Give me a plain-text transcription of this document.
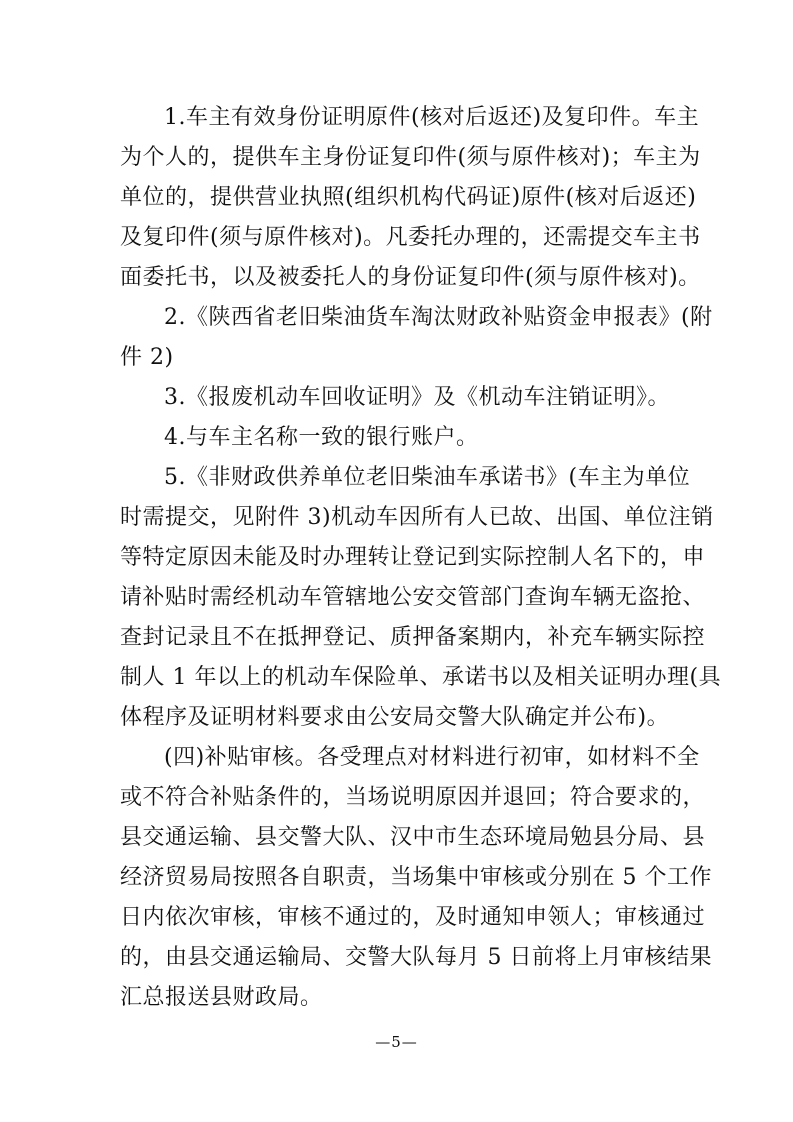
1.车主有效身份证明原件(核对后返还)及复印件。车主
为个人的，提供车主身份证复印件(须与原件核对)；车主为
单位的，提供营业执照(组织机构代码证)原件(核对后返还)
及复印件(须与原件核对)。凡委托办理的，还需提交车主书
面委托书，以及被委托人的身份证复印件(须与原件核对)。
2.《陕西省老旧柴油货车淘汰财政补贴资金申报表》(附
件 2)
3.《报废机动车回收证明》及《机动车注销证明》。
4.与车主名称一致的银行账户。
5.《非财政供养单位老旧柴油车承诺书》(车主为单位
时需提交，见附件 3)机动车因所有人已故、出国、单位注销
等特定原因未能及时办理转让登记到实际控制人名下的，申
请补贴时需经机动车管辖地公安交管部门查询车辆无盗抢、
查封记录且不在抵押登记、质押备案期内，补充车辆实际控
制人 1 年以上的机动车保险单、承诺书以及相关证明办理(具
体程序及证明材料要求由公安局交警大队确定并公布)。
(四)补贴审核。各受理点对材料进行初审，如材料不全
或不符合补贴条件的，当场说明原因并退回；符合要求的，
县交通运输、县交警大队、汉中市生态环境局勉县分局、县
经济贸易局按照各自职责，当场集中审核或分别在 5 个工作
日内依次审核，审核不通过的，及时通知申领人；审核通过
—5—
的，由县交通运输局、交警大队每月 5 日前将上月审核结果
汇总报送县财政局。
